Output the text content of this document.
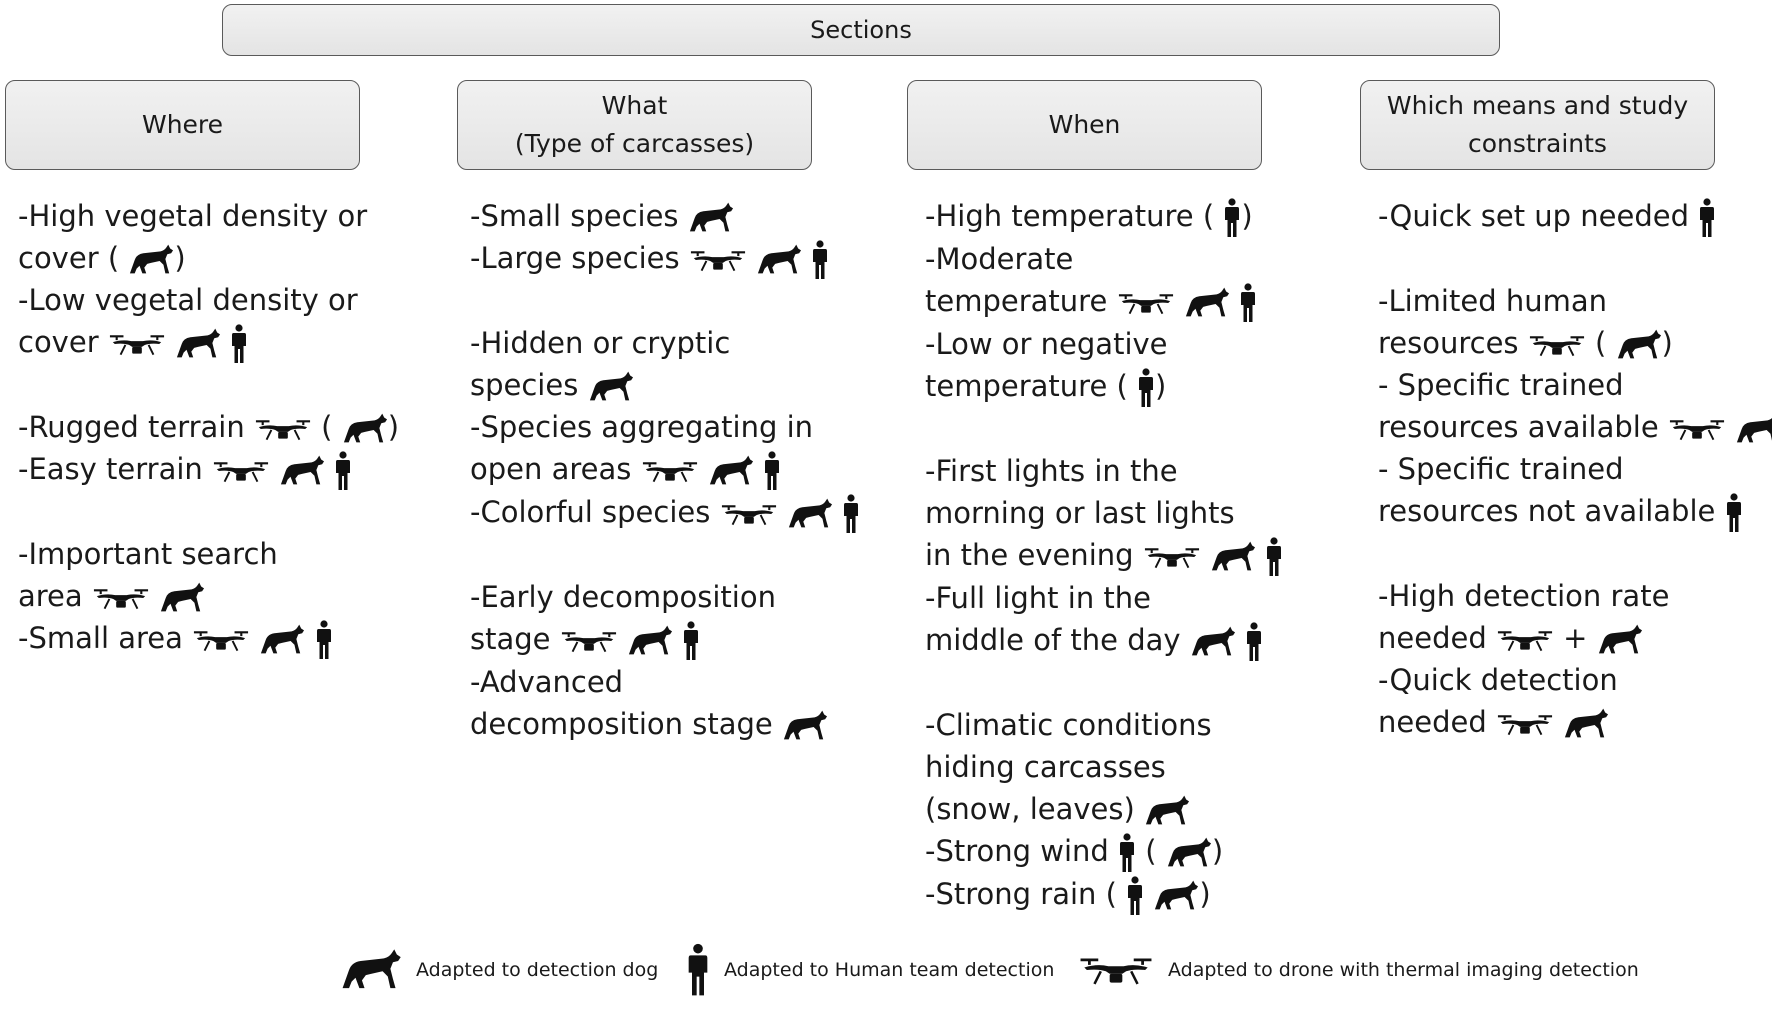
Sections
Where
What
(Type of carcasses)
When
Which means and study
constraints
-High vegetal density or
cover ( )
-Low vegetal density or
cover
-Rugged terrain	( )
-Easy terrain
-Important search
area
-Small area
-Small species
-Large species
-Hidden or cryptic
species
-Species aggregating in
open areas
-Colorful species
-Early decomposition
stage
-Advanced
decomposition stage
-High temperature ( )
-Moderate
temperature
-Low or negative
temperature ( )
-First lights in the
morning or last lights
in the evening
-Full light in the
middle of the day
-Climatic conditions
hiding carcasses
(snow, leaves)
-Strong wind ( )
-Strong rain (	)
-Quick set up needed
-Limited human
resources	( )
- Specific trained
resources available
- Specific trained
resources not available
-High detection rate
needed	+
-Quick detection
needed
Adapted to detection dog	Adapted to Human team detection	Adapted to drone with thermal imaging detection
